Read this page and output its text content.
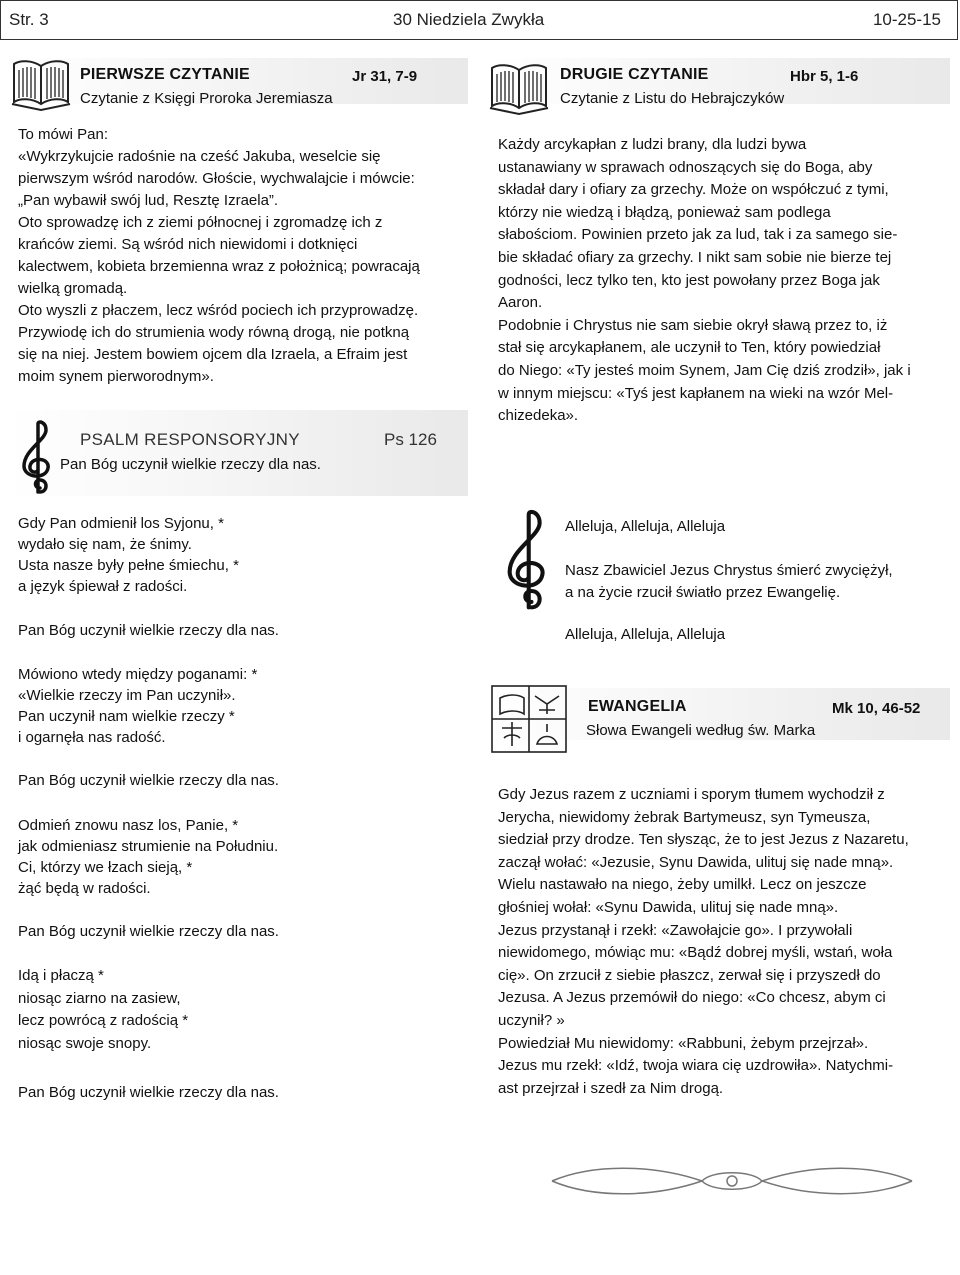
Str. 3	30 Niedziela Zwykła	10-25-15
PIERWSZE CZYTANIE	Jr 31, 7-9
Czytanie z Księgi Proroka Jeremiasza

To mówi Pan:

«Wykrzykujcie radośnie na cześć Jakuba, weselcie się

pierwszym wśród narodów. Głoście, wychwalajcie i mówcie:

„Pan wybawił swój lud, Resztę Izraela”.

Oto sprowadzę ich z ziemi północnej i zgromadzę ich z

krańców ziemi. Są wśród nich niewidomi i dotknięci

kalectwem, kobieta brzemienna wraz z położnicą; powracają

wielką gromadą.

Oto wyszli z płaczem, lecz wśród pociech ich przyprowadzę.

Przywiodę ich do strumienia wody równą drogą, nie potkną

się na niej. Jestem bowiem ojcem dla Izraela, a Efraim jest

moim synem pierworodnym».

PSALM RESPONSORYJNY	Ps 126
Pan Bóg uczynił wielkie rzeczy dla nas.

Gdy Pan odmienił los Syjonu, *

wydało się nam, że śnimy.

Usta nasze były pełne śmiechu, *

a język śpiewał z radości.

Pan Bóg uczynił wielkie rzeczy dla nas.

Mówiono wtedy między poganami: *

«Wielkie rzeczy im Pan uczynił».

Pan uczynił nam wielkie rzeczy *

i ogarnęła nas radość.

Pan Bóg uczynił wielkie rzeczy dla nas.

Odmień znowu nasz los, Panie, *

jak odmieniasz strumienie na Południu.

Ci, którzy we łzach sieją, *

żąć będą w radości.

Pan Bóg uczynił wielkie rzeczy dla nas.

Idą i płaczą *

niosąc ziarno na zasiew,

lecz powrócą z radością *

niosąc swoje snopy.

Pan Bóg uczynił wielkie rzeczy dla nas.
DRUGIE CZYTANIE	Hbr 5, 1-6
Czytanie z Listu do Hebrajczyków

Każdy arcykapłan z ludzi brany, dla ludzi bywa

ustanawiany w sprawach odnoszących się do Boga, aby

składał dary i ofiary za grzechy. Może on współczuć z tymi,

którzy nie wiedzą i błądzą, ponieważ sam podlega

słabościom. Powinien przeto jak za lud, tak i za samego sie-

bie składać ofiary za grzechy. I nikt sam sobie nie bierze tej

godności, lecz tylko ten, kto jest powołany przez Boga jak

Aaron.

Podobnie i Chrystus nie sam siebie okrył sławą przez to, iż

stał się arcykapłanem, ale uczynił to Ten, który powiedział

do Niego: «Ty jesteś moim Synem, Jam Cię dziś zrodził», jak i

w innym miejscu: «Tyś jest kapłanem na wieki na wzór Mel-

chizedeka».

Alleluja, Alleluja, Alleluja
Nasz Zbawiciel Jezus Chrystus śmierć zwyciężył,
a na życie rzucił światło przez Ewangelię.
Alleluja, Alleluja, Alleluja
EWANGELIA	Mk 10, 46-52
Słowa Ewangeli według św. Marka

Gdy Jezus razem z uczniami i sporym tłumem wychodził z

Jerycha, niewidomy żebrak Bartymeusz, syn Tymeusza,

siedział przy drodze. Ten słysząc, że to jest Jezus z Nazaretu,

zaczął wołać: «Jezusie, Synu Dawida, ulituj się nade mną».

Wielu nastawało na niego, żeby umilkł. Lecz on jeszcze

głośniej wołał: «Synu Dawida, ulituj się nade mną».

Jezus przystanął i rzekł: «Zawołajcie go». I przywołali

niewidomego, mówiąc mu: «Bądź dobrej myśli, wstań, woła

cię». On zrzucił z siebie płaszcz, zerwał się i przyszedł do

Jezusa. A Jezus przemówił do niego: «Co chcesz, abym ci

uczynił? »

Powiedział Mu niewidomy: «Rabbuni, żebym przejrzał».

Jezus mu rzekł: «Idź, twoja wiara cię uzdrowiła». Natychmi-

ast przejrzał i szedł za Nim drogą.
